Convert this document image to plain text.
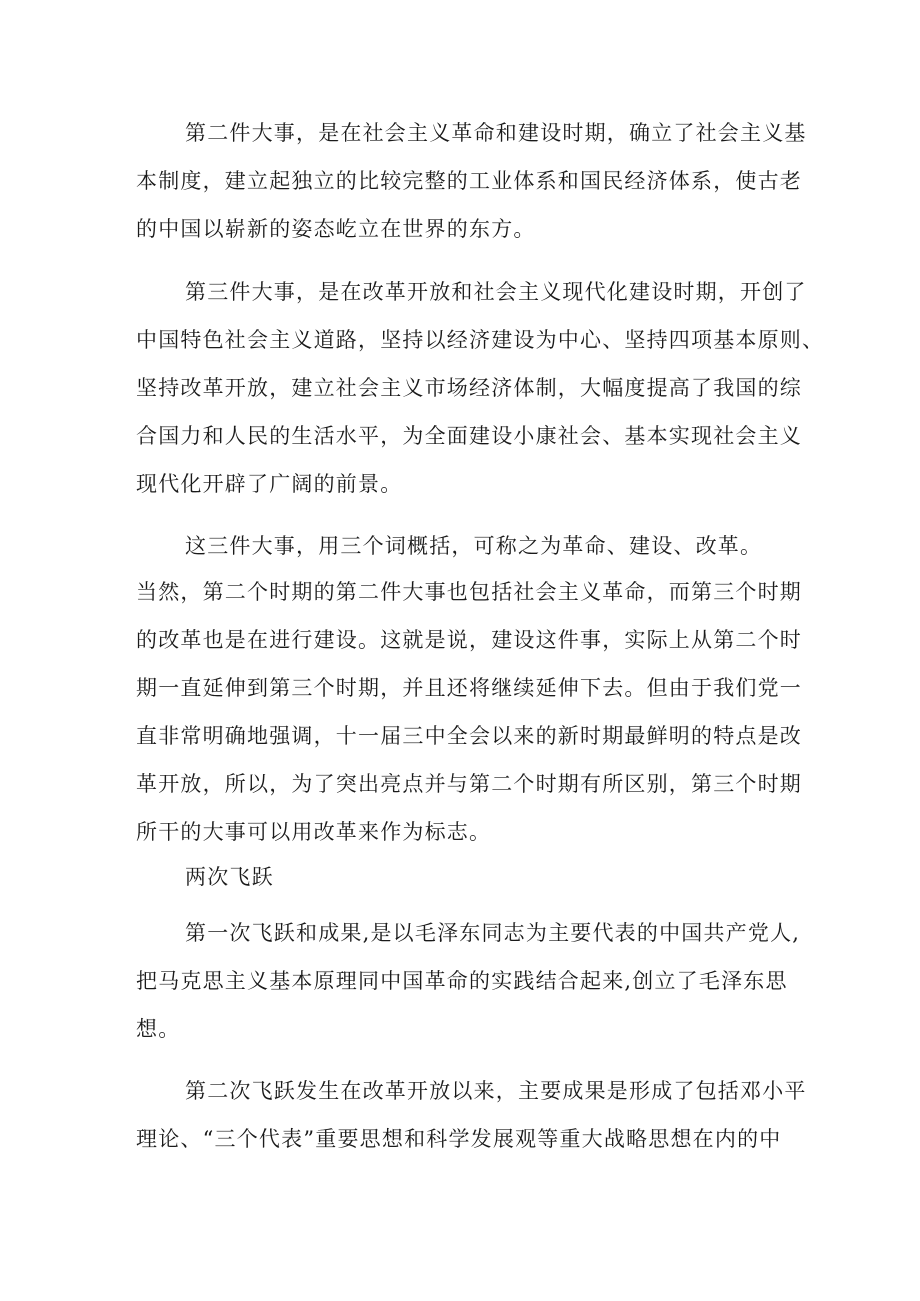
第二件大事，是在社会主义革命和建设时期，确立了社会主义基
本制度，建立起独立的比较完整的工业体系和国民经济体系，使古老
的中国以崭新的姿态屹立在世界的东方。
第三件大事，是在改革开放和社会主义现代化建设时期，开创了
中国特色社会主义道路，坚持以经济建设为中心、坚持四项基本原则、
坚持改革开放，建立社会主义市场经济体制，大幅度提高了我国的综
合国力和人民的生活水平，为全面建设小康社会、基本实现社会主义
现代化开辟了广阔的前景。
这三件大事，用三个词概括，可称之为革命、建设、改革。
当然，第二个时期的第二件大事也包括社会主义革命，而第三个时期
的改革也是在进行建设。这就是说，建设这件事，实际上从第二个时
期一直延伸到第三个时期，并且还将继续延伸下去。但由于我们党一
直非常明确地强调，十一届三中全会以来的新时期最鲜明的特点是改
革开放，所以，为了突出亮点并与第二个时期有所区别，第三个时期
所干的大事可以用改革来作为标志。
两次飞跃
第一次飞跃和成果,是以毛泽东同志为主要代表的中国共产党人,
把马克思主义基本原理同中国革命的实践结合起来,创立了毛泽东思
想。
第二次飞跃发生在改革开放以来，主要成果是形成了包括邓小平
理论、“三个代表”重要思想和科学发展观等重大战略思想在内的中
